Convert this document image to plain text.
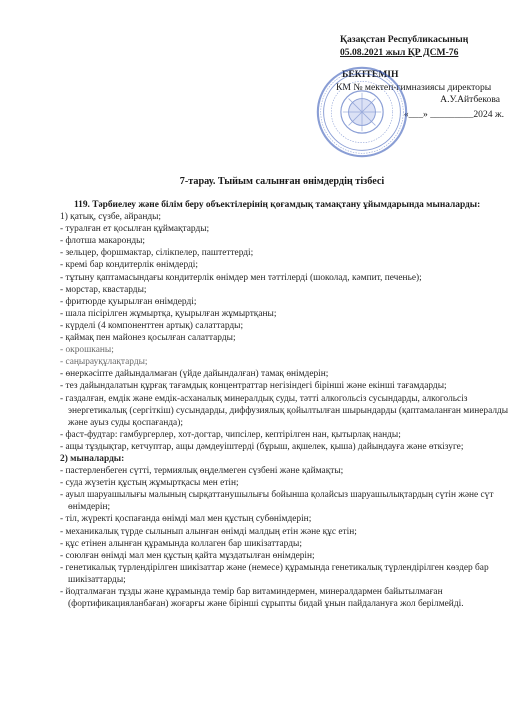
Қазақстан Республикасының
05.08.2021 жыл ҚР ДСМ-76
БЕКІТЕМІН
КМ № мектеп-гимназиясы директоры
А.У.Айтбекова
«___» _________2024 ж.
7-тарау. Тыйым салынған өнімдердің тізбесі
119. Тәрбиелеу және білім беру объектілерінің қоғамдық тамақтану ұйымдарында мыналарды:
1) қатық, сүзбе, айранды;
- туралған ет қосылған құймақтарды;
- флотша макаронды;
- зельцер, форшмактар, сілікпелер, паштеттерді;
- кремі бар кондитерлік өнімдерді;
- тұтыну қаптамасындағы кондитерлік өнімдер мен тәттілерді (шоколад, кәмпит, печенье);
- морстар, кваcтарды;
- фритюрде қуырылған өнімдерді;
- шала пісірілген жұмыртқа, қуырылған жұмыртқаны;
- күрделі (4 компоненттен артық) салаттарды;
- қаймақ пен майонез қосылған салаттарды;
- окрошканы;
- саңырауқұлақтарды;
- өнеркәсіпте дайындалмаған (үйде дайындалған) тамақ өнімдерін;
- тез дайындалатын құрғақ тағамдық концентраттар негізіндегі бірінші және екінші тағамдарды;
- газдалған, емдік және емдік-асханалық минералдық суды, тәтті алкогольсіз сусындарды, алкогольсіз энергетикалық (сергіткіш) сусындарды, диффузиялық қойылтылған шырындарды (қаптамаланған минералды және ауыз суды қоспағанда);
- фаст-фудтар: гамбургерлер, хот-догтар, чипсілер, кептірілген нан, қытырлақ нанды;
- ащы тұздықтар, кетчуптар, ащы дәмдеуіштерді (бұрыш, ақшелек, қыша) дайындауға және өткізуге;
2) мыналарды:
- пастерленбеген сүтті, термиялық өңделмеген сүзбені және қаймақты;
- суда жүзетін құстың жұмыртқасы мен етін;
- ауыл шаруашылығы малының сырқаттанушылығы бойынша қолайсыз шаруашылықтардың сүтін және сүт өнімдерін;
- тіл, жүректі қоспағанда өнімді мал мен құстың субөнімдерін;
- механикалық түрде сылынып алынған өнімді малдың етін және құс етін;
- құс етінен алынған құрамында коллаген бар шикізаттарды;
- союлған өнімді мал мен құстың қайта мұздатылған өнімдерін;
- генетикалық түрлендірілген шикізаттар және (немесе) құрамында генетикалық түрлендірілген көздер бар шикізаттарды;
- йодталмаған тұзды және құрамында темір бар витаминдермен, минералдармен байытылмаған (фортификацияланбаған) жоғарғы және бірінші сұрыпты бидай ұнын пайдалануға жол берілмейді.
